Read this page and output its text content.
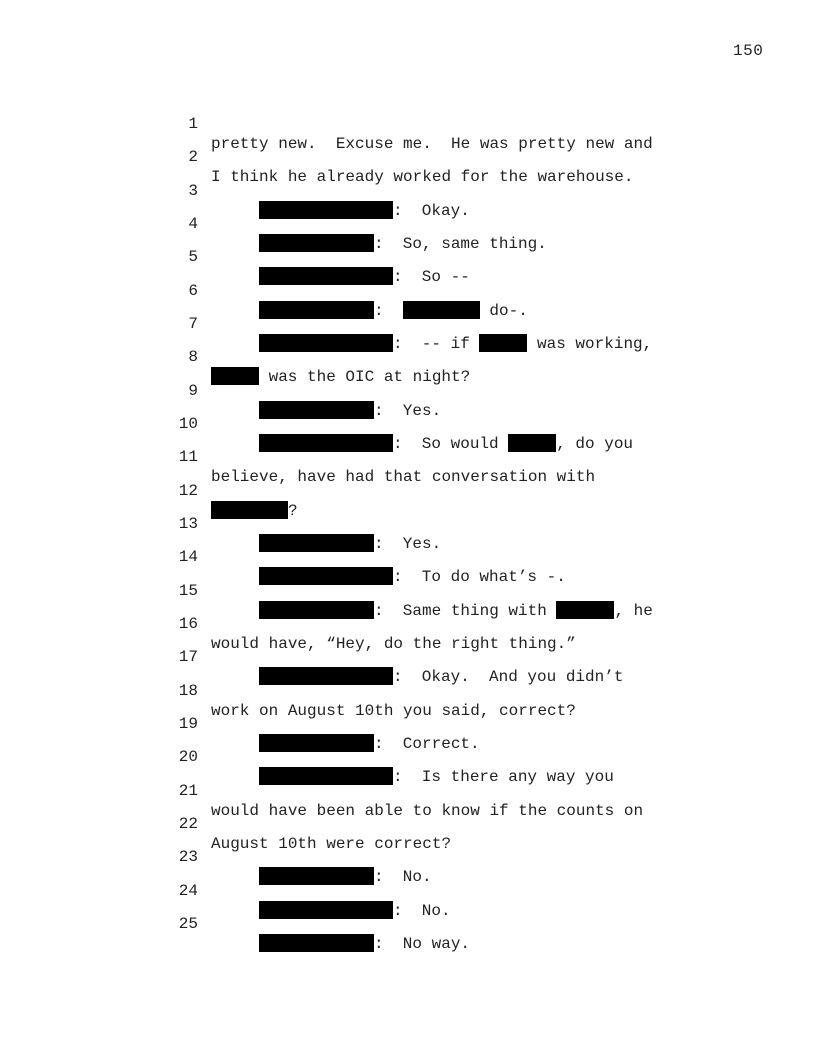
150

1

pretty new.  Excuse me.  He was pretty new and

2

I think he already worked for the warehouse.

3

:  Okay.

4

:  So, same thing.

5

:  So --

6

:	do-.

7

:  -- if	was working,

8

was the OIC at night?

9

:  Yes.

10

:  So would	, do you

11

believe, have had that conversation with

12

?

13

:  Yes.

14

:  To do what’s -.

15

:  Same thing with	, he

16

would have, “Hey, do the right thing.”

17

:  Okay.  And you didn’t

18

work on August 10th you said, correct?

19

:  Correct.

20

:  Is there any way you

21

would have been able to know if the counts on

22

August 10th were correct?

23

:  No.

24

:  No.

25

:  No way.
